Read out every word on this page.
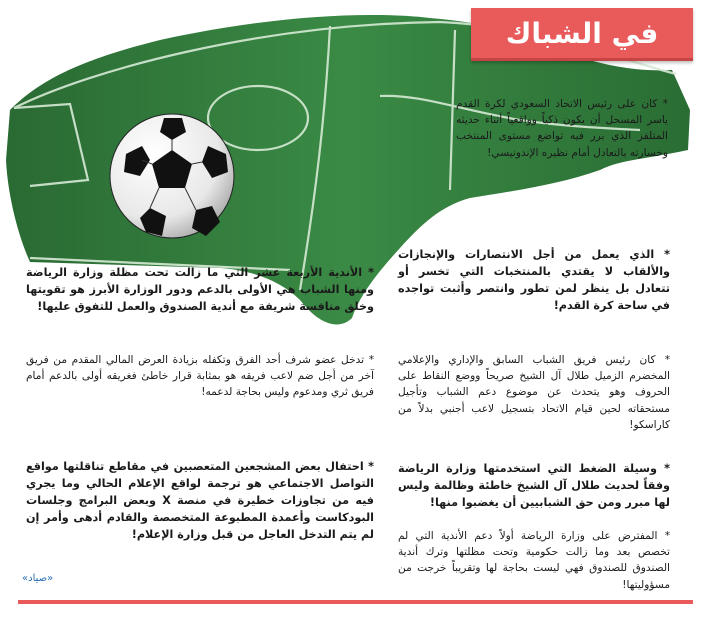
في الشباك

* كان على رئيس الاتحاد السعودي لكرة القدم ياسر المسحل أن يكون ذكياً وواقعياً أثناء حديثه المتلفز الذي برر فيه تواضع مستوى المنتخب وخسارته بالتعادل أمام نظيره الإندونيسي!

* الذي يعمل من أجل الانتصارات والإنجازات والألقاب لا يقتدي بالمنتخبات التي تخسر أو تتعادل بل ينظر لمن تطور وانتصر وأثبت تواجده في ساحة كرة القدم!

* كان رئيس فريق الشباب السابق والإداري والإعلامي المخضرم الزميل طلال آل الشيخ صريحاً ووضع النقاط على الحروف وهو يتحدث عن موضوع دعم الشباب وتأجيل مستحقاته لحين قيام الاتحاد بتسجيل لاعب أجنبي بدلاً من كاراسكو!

* وسيلة الضغط التي استخدمتها وزارة الرياضة وفقاً لحديث طلال آل الشيخ خاطئة وظالمة وليس لها مبرر ومن حق الشبابيين أن يغضبوا منها!

* المفترض على وزارة الرياضة أولاً دعم الأندية التي لم تخصص بعد وما زالت حكومية وتحت مظلتها وترك أندية الصندوق للصندوق فهي ليست بحاجة لها وتقريباً خرجت من مسؤوليتها!

* الأندية الأربعة عشر التي ما زالت تحت مظلة وزارة الرياضة ومنها الشباب هي الأولى بالدعم ودور الوزارة الأبرز هو تقويتها وخلق منافسة شريفة مع أندية الصندوق والعمل للتفوق عليها!

* تدخل عضو شرف أحد الفرق وتكفله بزيادة العرض المالي المقدم من فريق آخر من أجل ضم لاعب فريقه هو بمثابة قرار خاطئ فغريقه أولى بالدعم أمام فريق ثري ومدعوم وليس بحاجة لدعمه!

* احتفال بعض المشجعين المتعصبين في مقاطع تناقلتها مواقع التواصل الاجتماعي هو ترجمة لواقع الإعلام الحالي وما يجري فيه من تجاوزات خطيرة في منصة X وبعض البرامج وجلسات البودكاست وأعمدة المطبوعة المتخصصة والقادم أدهى وأمر إن لم يتم التدخل العاجل من قبل وزارة الإعلام!

«صياد»
